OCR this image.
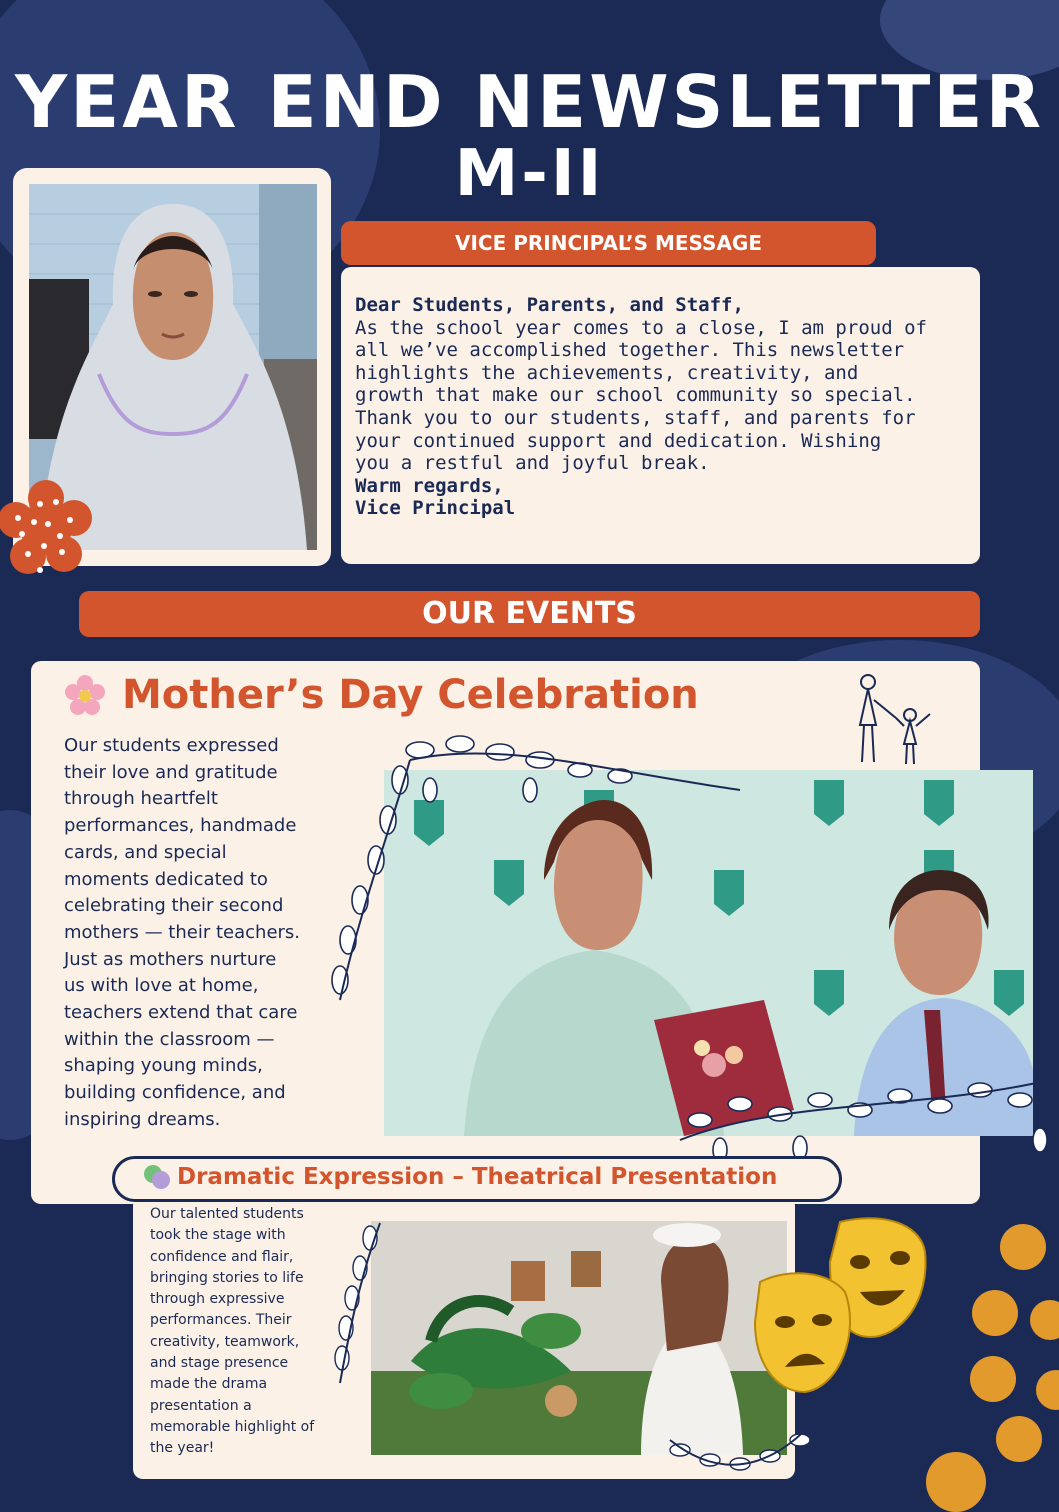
YEAR END NEWSLETTER
M-II
VICE PRINCIPAL’S MESSAGE
Dear Students, Parents, and Staff,
As the school year comes to a close, I am proud of
all we’ve accomplished together. This newsletter
highlights the achievements, creativity, and
growth that make our school community so special.
Thank you to our students, staff, and parents for
your continued support and dedication. Wishing
you a restful and joyful break.
Warm regards,
Vice Principal
OUR EVENTS
Mother’s Day Celebration
Our students expressed
their love and gratitude
through heartfelt
performances, handmade
cards, and special
moments dedicated to
celebrating their second
mothers — their teachers.
Just as mothers nurture
us with love at home,
teachers extend that care
within the classroom —
shaping young minds,
building confidence, and
inspiring dreams.
Dramatic Expression – Theatrical Presentation
Our talented students
took the stage with
confidence and flair,
bringing stories to life
through expressive
performances. Their
creativity, teamwork,
and stage presence
made the drama
presentation a
memorable highlight of
the year!
